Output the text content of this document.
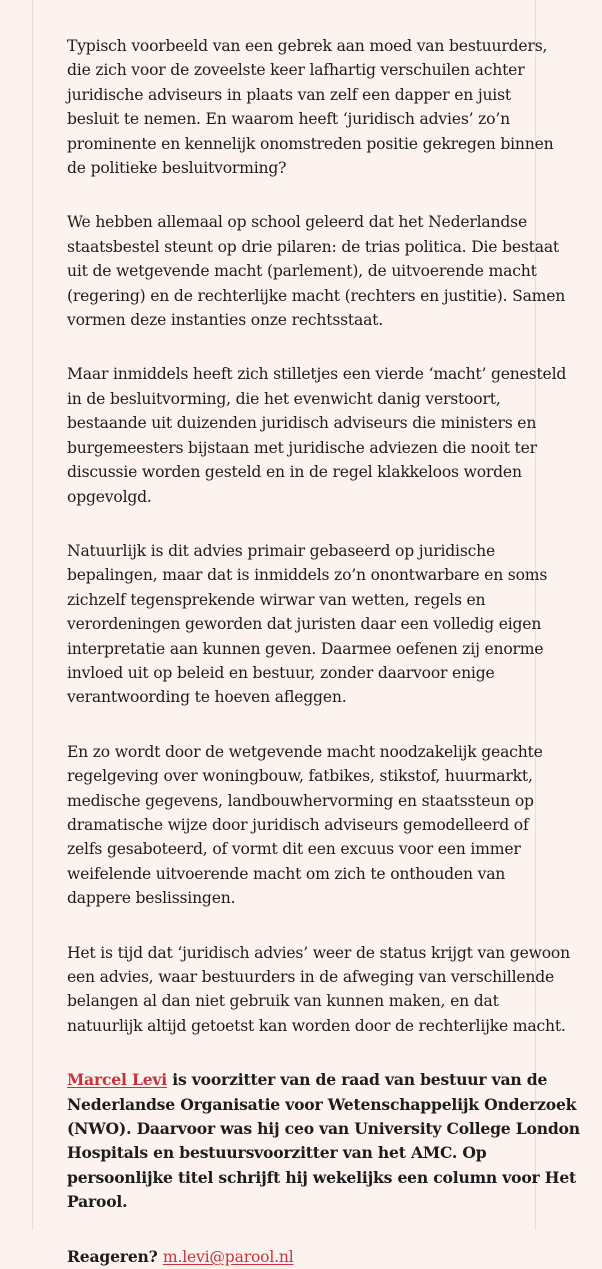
Typisch voorbeeld van een gebrek aan moed van bestuurders,
die zich voor de zoveelste keer lafhartig verschuilen achter
juridische adviseurs in plaats van zelf een dapper en juist
besluit te nemen. En waarom heeft ‘juridisch advies’ zo’n
prominente en kennelijk onomstreden positie gekregen binnen
de politieke besluitvorming?

We hebben allemaal op school geleerd dat het Nederlandse
staatsbestel steunt op drie pilaren: de trias politica. Die bestaat
uit de wetgevende macht (parlement), de uitvoerende macht
(regering) en de rechterlijke macht (rechters en justitie). Samen
vormen deze instanties onze rechtsstaat.

Maar inmiddels heeft zich stilletjes een vierde ‘macht’ genesteld
in de besluitvorming, die het evenwicht danig verstoort,
bestaande uit duizenden juridisch adviseurs die ministers en
burgemeesters bijstaan met juridische adviezen die nooit ter
discussie worden gesteld en in de regel klakkeloos worden
opgevolgd.

Natuurlijk is dit advies primair gebaseerd op juridische
bepalingen, maar dat is inmiddels zo’n onontwarbare en soms
zichzelf tegensprekende wirwar van wetten, regels en
verordeningen geworden dat juristen daar een volledig eigen
interpretatie aan kunnen geven. Daarmee oefenen zij enorme
invloed uit op beleid en bestuur, zonder daarvoor enige
verantwoording te hoeven afleggen.

En zo wordt door de wetgevende macht noodzakelijk geachte
regelgeving over woningbouw, fatbikes, stikstof, huurmarkt,
medische gegevens, landbouwhervorming en staatssteun op
dramatische wijze door juridisch adviseurs gemodelleerd of
zelfs gesaboteerd, of vormt dit een excuus voor een immer
weifelende uitvoerende macht om zich te onthouden van
dappere beslissingen.

Het is tijd dat ‘juridisch advies’ weer de status krijgt van gewoon
een advies, waar bestuurders in de afweging van verschillende
belangen al dan niet gebruik van kunnen maken, en dat
natuurlijk altijd getoetst kan worden door de rechterlijke macht.

Marcel Levi is voorzitter van de raad van bestuur van de
Nederlandse Organisatie voor Wetenschappelijk Onderzoek
(NWO). Daarvoor was hij ceo van University College London
Hospitals en bestuursvoorzitter van het AMC. Op
persoonlijke titel schrijft hij wekelijks een column voor Het
Parool.

Reageren? m.levi@parool.nl
